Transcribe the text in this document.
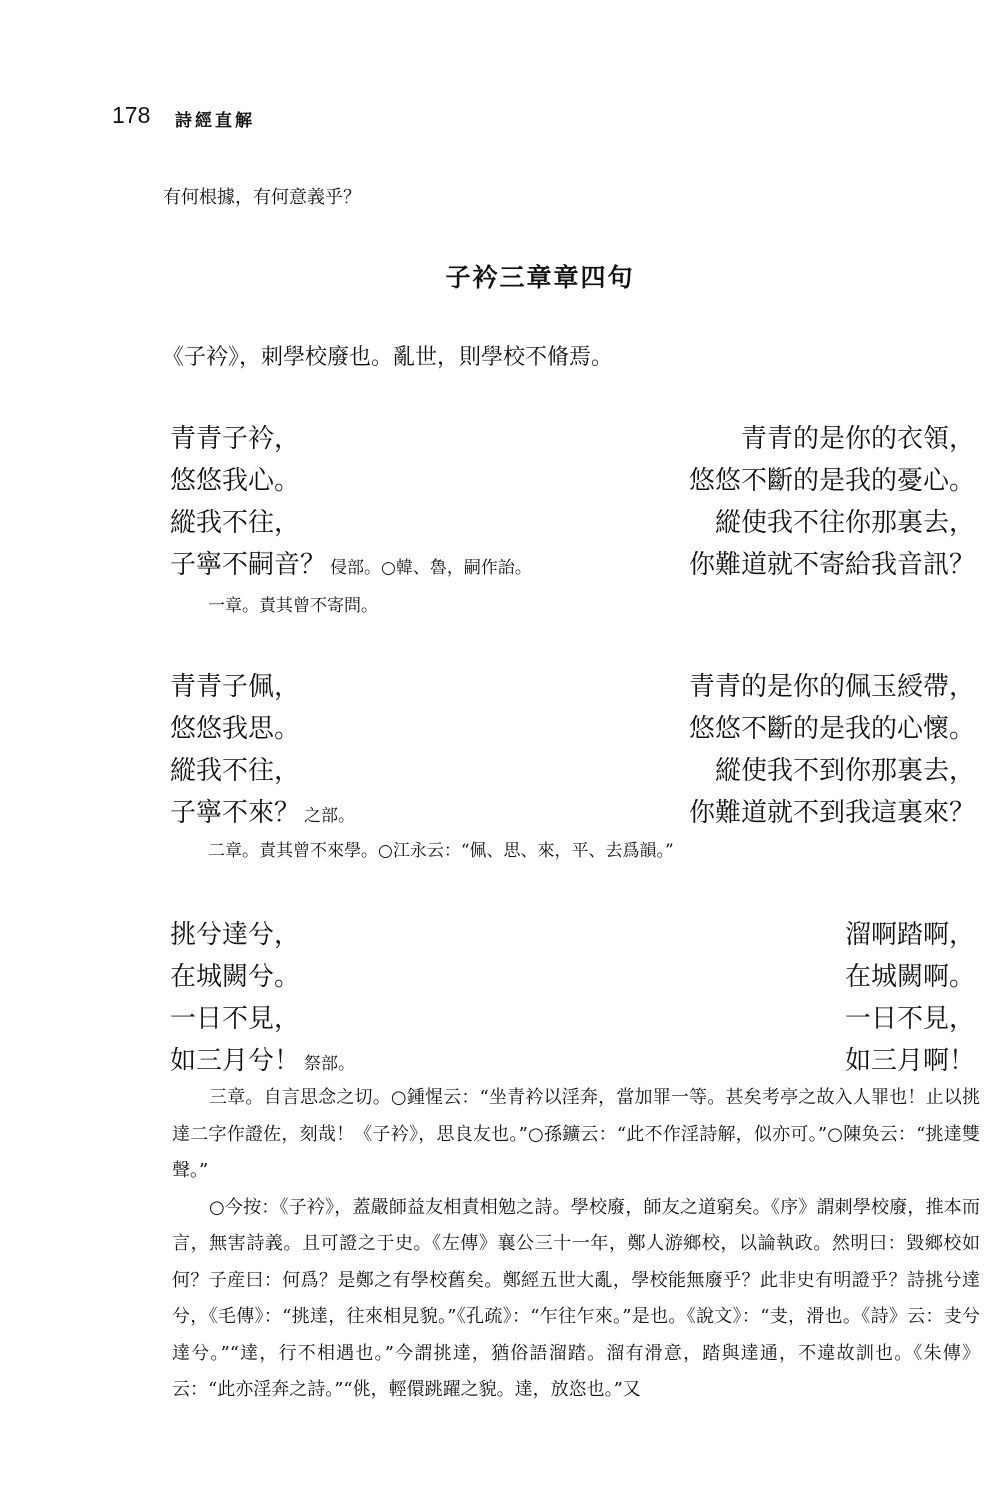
178 詩經直解
有何根據，有何意義乎？
子衿三章章四句
《子衿》，刺學校廢也。亂世，則學校不脩焉。
青青子衿，	青青的是你的衣領，
悠悠我心。	悠悠不斷的是我的憂心。
縱我不往，	縱使我不往你那裏去，
子寧不嗣音？ 侵部。○韓、魯，嗣作詒。	你難道就不寄給我音訊？
一章。責其曾不寄問。
青青子佩，	青青的是你的佩玉綬帶，
悠悠我思。	悠悠不斷的是我的心懷。
縱我不往，	縱使我不到你那裏去，
子寧不來？ 之部。	你難道就不到我這裏來？
二章。責其曾不來學。○江永云：“佩、思、來，平、去爲韻。”
挑兮達兮，	溜啊踏啊，
在城闕兮。	在城闕啊。
一日不見，	一日不見，
如三月兮！ 祭部。	如三月啊！

三章。自言思念之切。○鍾惺云：“坐青衿以淫奔，當加罪一等。甚矣考亭之故入人罪也！止以挑達二字作證佐，刻哉！《子衿》，思良友也。”○孫鑛云：“此不作淫詩解，似亦可。”○陳奂云：“挑達雙聲。”

○今按：《子衿》，蓋嚴師益友相責相勉之詩。學校廢，師友之道窮矣。《序》謂刺學校廢，推本而言，無害詩義。且可證之于史。《左傳》襄公三十一年，鄭人游鄉校，以論執政。然明曰：毀鄉校如何？子産曰：何爲？是鄭之有學校舊矣。鄭經五世大亂，學校能無廢乎？此非史有明證乎？詩挑兮達兮，《毛傳》：“挑達，往來相見貌。”《孔疏》：“乍往乍來。”是也。《說文》：“叏，滑也。《詩》云：叏兮達兮。”“達，行不相遇也。”今謂挑達，猶俗語溜踏。溜有滑意，踏與達通，不違故訓也。《朱傳》云：“此亦淫奔之詩。”“佻，輕儇跳躍之貌。達，放恣也。”又
